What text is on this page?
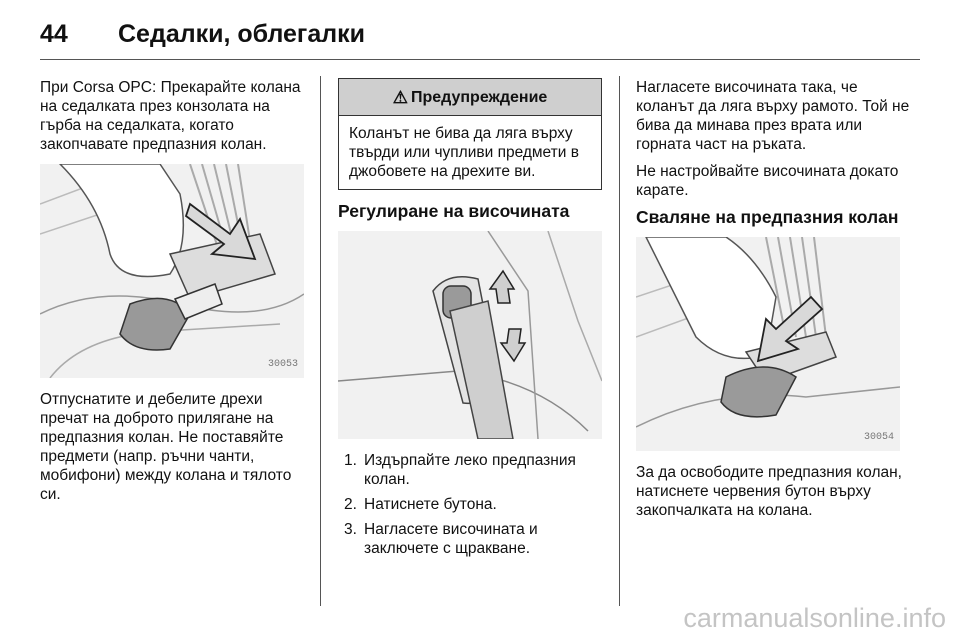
44 Седалки, облегалки

При Corsa OPC: Прекарайте колана на седалката през конзолата на гърба на седалката, когато закопчавате предпазния колан.

30053

Отпуснатите и дебелите дрехи пречат на доброто прилягане на предпазния колан. Не поставяйте предмети (напр. ръчни чанти, мобифони) между колана и тялото си.

⚠ Предупреждение
Коланът не бива да ляга върху твърди или чупливи предмети в джобовете на дрехите ви.
Регулиране на височината
1. Издърпайте леко предпазния колан.
2. Натиснете бутона.
3. Нагласете височината и заключете с щракване.

Нагласете височината така, че коланът да ляга върху рамото. Той не бива да минава през врата или горната част на ръката.

Не настройвайте височината докато карате.

Сваляне на предпазния колан
30054

За да освободите предпазния колан, натиснете червения бутон върху закопчалката на колана.

carmanualsonline.info
